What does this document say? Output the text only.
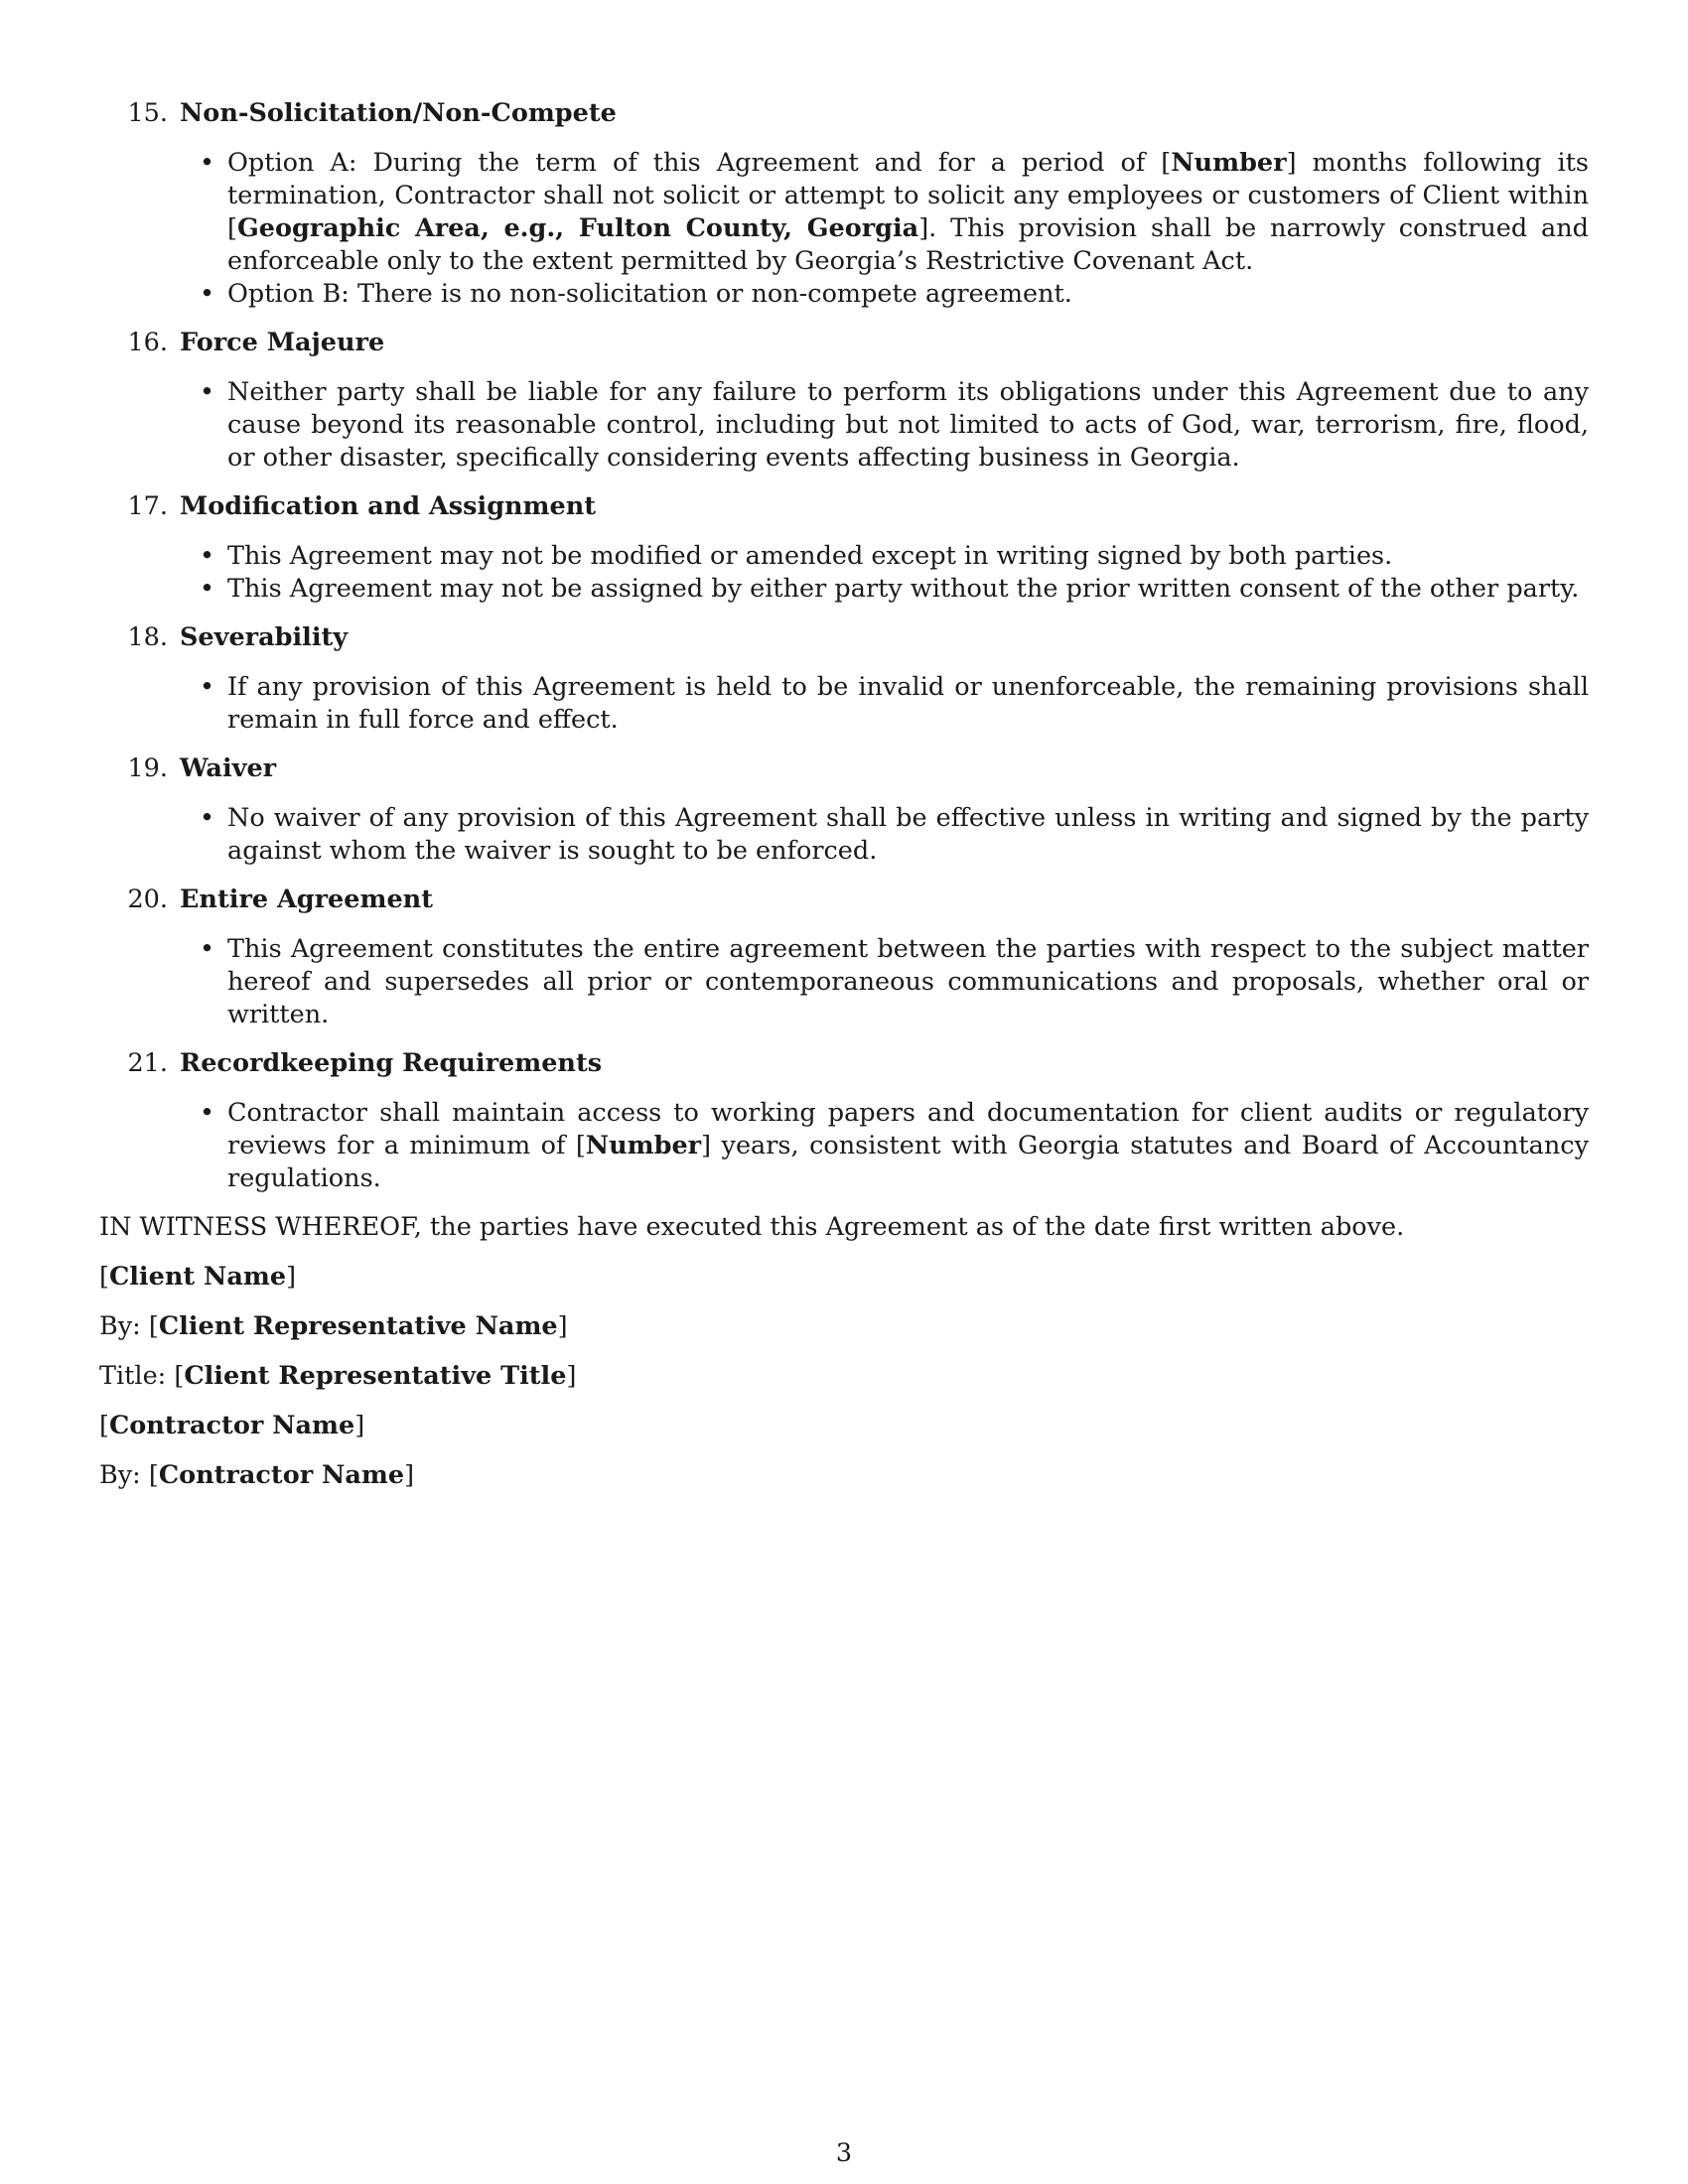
15. Non-Solicitation/Non-Compete
• Option A: During the term of this Agreement and for a period of [Number] months following its termination, Contractor shall not solicit or attempt to solicit any employees or customers of Client within [Geographic Area, e.g., Fulton County, Georgia]. This provision shall be narrowly construed and enforceable only to the extent permitted by Georgia’s Restrictive Covenant Act.
• Option B: There is no non-solicitation or non-compete agreement.
16. Force Majeure
• Neither party shall be liable for any failure to perform its obligations under this Agreement due to any cause beyond its reasonable control, including but not limited to acts of God, war, terrorism, fire, flood, or other disaster, specifically considering events affecting business in Georgia.
17. Modification and Assignment
• This Agreement may not be modified or amended except in writing signed by both parties.
• This Agreement may not be assigned by either party without the prior written consent of the other party.
18. Severability
• If any provision of this Agreement is held to be invalid or unenforceable, the remaining provisions shall remain in full force and effect.
19. Waiver
• No waiver of any provision of this Agreement shall be effective unless in writing and signed by the party against whom the waiver is sought to be enforced.
20. Entire Agreement
• This Agreement constitutes the entire agreement between the parties with respect to the subject matter hereof and supersedes all prior or contemporaneous communications and proposals, whether oral or written.
21. Recordkeeping Requirements
• Contractor shall maintain access to working papers and documentation for client audits or regulatory reviews for a minimum of [Number] years, consistent with Georgia statutes and Board of Accountancy regulations.
IN WITNESS WHEREOF, the parties have executed this Agreement as of the date first written above.
[Client Name]
By: [Client Representative Name]
Title: [Client Representative Title]
[Contractor Name]
By: [Contractor Name]
3
